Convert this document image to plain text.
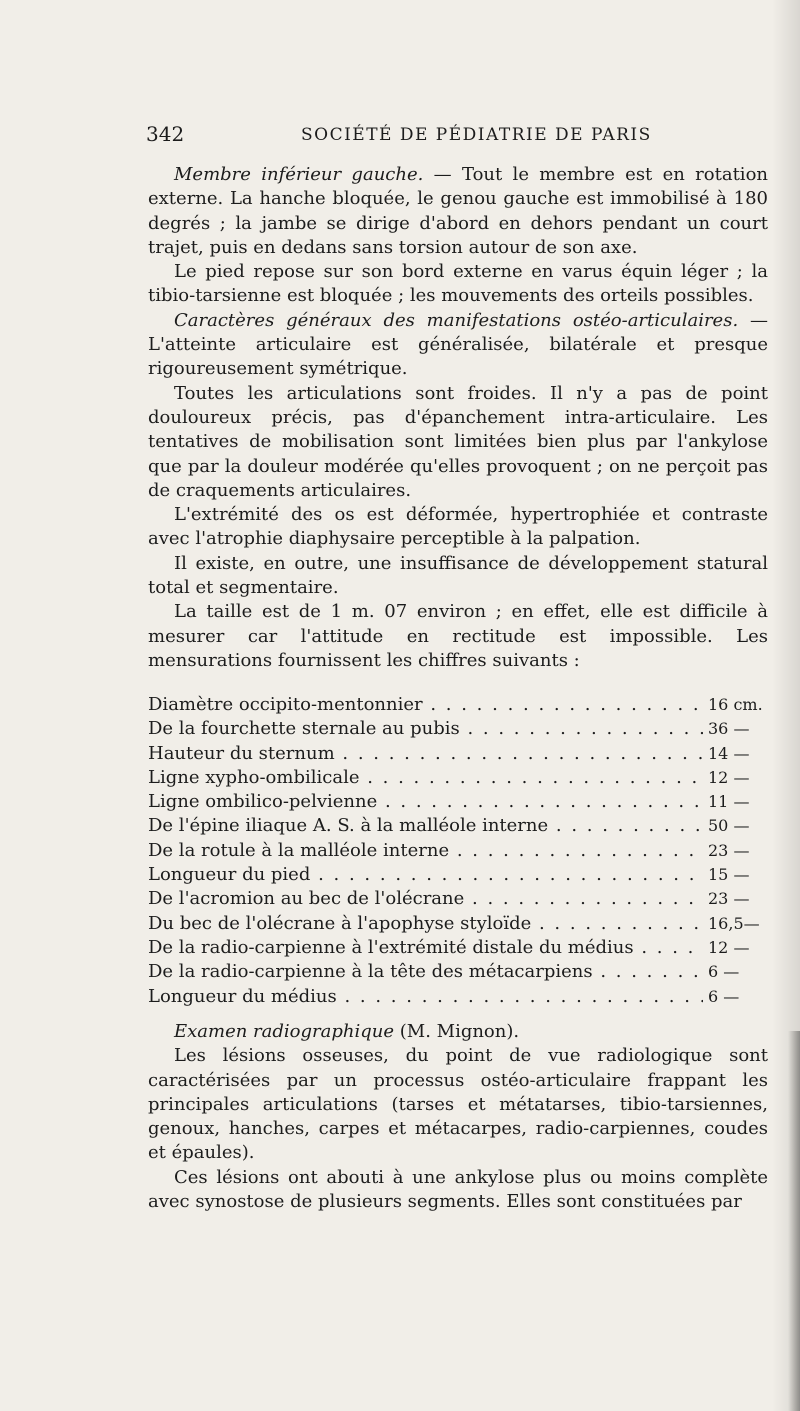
342	SOCIÉTÉ DE PÉDIATRIE DE PARIS

Membre inférieur gauche. — Tout le membre est en rotation externe. La hanche bloquée, le genou gauche est immobilisé à 180 degrés ; la jambe se dirige d'abord en dehors pendant un court trajet, puis en dedans sans torsion autour de son axe.

Le pied repose sur son bord externe en varus équin léger ; la tibio-tarsienne est bloquée ; les mouvements des orteils possibles.

Caractères généraux des manifestations ostéo-articulaires. — L'atteinte articulaire est généralisée, bilatérale et presque rigoureusement symétrique.

Toutes les articulations sont froides. Il n'y a pas de point douloureux précis, pas d'épanchement intra-articulaire. Les tentatives de mobilisation sont limitées bien plus par l'ankylose que par la douleur modérée qu'elles provoquent ; on ne perçoit pas de craquements articulaires.

L'extrémité des os est déformée, hypertrophiée et contraste avec l'atrophie diaphysaire perceptible à la palpation.

Il existe, en outre, une insuffisance de développement statural total et segmentaire.

La taille est de 1 m. 07 environ ; en effet, elle est difficile à mesurer car l'attitude en rectitude est impossible. Les mensurations fournissent les chiffres suivants :

Diamètre occipito-mentonnier . . .	16 cm.
De la fourchette sternale au pubis . . .	36 —
Hauteur du sternum . . .	14 —
Ligne xypho-ombilicale . . .	12 —
Ligne ombilico-pelvienne . . .	11 —
De l'épine iliaque A. S. à la malléole interne . . .	50 —
De la rotule à la malléole interne . . .	23 —
Longueur du pied . . .	15 —
De l'acromion au bec de l'olécrane . . .	23 —
Du bec de l'olécrane à l'apophyse styloïde . . .	16,5—
De la radio-carpienne à l'extrémité distale du médius . . .	12 —
De la radio-carpienne à la tête des métacarpiens . . .	6 —
Longueur du médius . . .	6 —

Examen radiographique (M. Mignon).

Les lésions osseuses, du point de vue radiologique sont caractérisées par un processus ostéo-articulaire frappant les principales articulations (tarses et métatarses, tibio-tarsiennes, genoux, hanches, carpes et métacarpes, radio-carpiennes, coudes et épaules).

Ces lésions ont abouti à une ankylose plus ou moins complète avec synostose de plusieurs segments. Elles sont constituées par
